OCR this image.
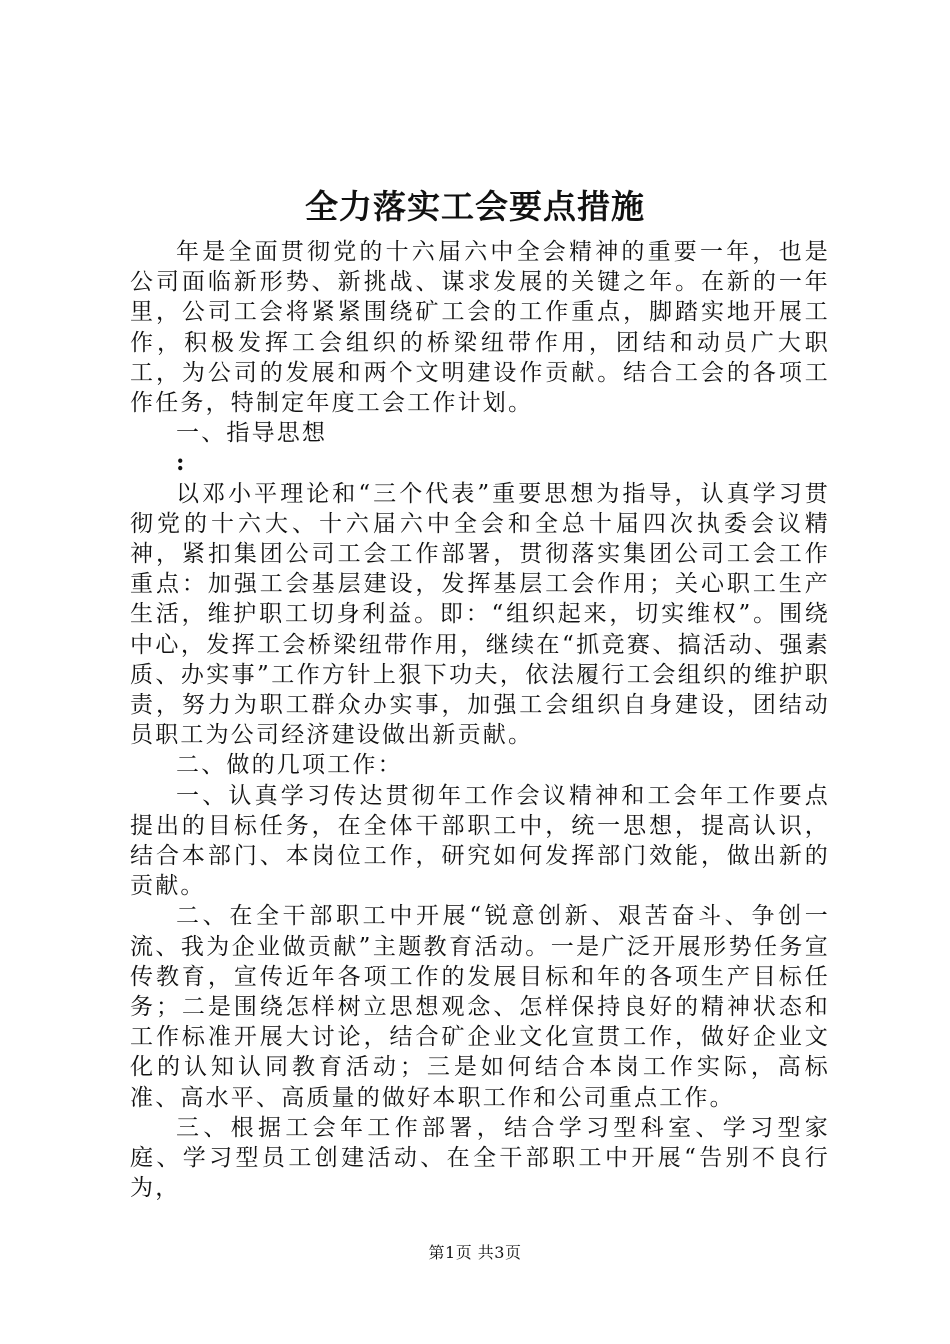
全力落实工会要点措施

年是全面贯彻党的十六届六中全会精神的重要一年，也是公司面临新形势、新挑战、谋求发展的关键之年。在新的一年里，公司工会将紧紧围绕矿工会的工作重点，脚踏实地开展工作，积极发挥工会组织的桥梁纽带作用，团结和动员广大职工，为公司的发展和两个文明建设作贡献。结合工会的各项工作任务，特制定年度工会工作计划。

一、指导思想

:

以邓小平理论和“三个代表”重要思想为指导，认真学习贯彻党的十六大、十六届六中全会和全总十届四次执委会议精神，紧扣集团公司工会工作部署，贯彻落实集团公司工会工作重点：加强工会基层建设，发挥基层工会作用；关心职工生产生活，维护职工切身利益。即：“组织起来，切实维权”。围绕中心，发挥工会桥梁纽带作用，继续在“抓竞赛、搞活动、强素质、办实事”工作方针上狠下功夫，依法履行工会组织的维护职责，努力为职工群众办实事，加强工会组织自身建设，团结动员职工为公司经济建设做出新贡献。

二、做的几项工作：

一、认真学习传达贯彻年工作会议精神和工会年工作要点提出的目标任务，在全体干部职工中，统一思想，提高认识，结合本部门、本岗位工作，研究如何发挥部门效能，做出新的贡献。

二、在全干部职工中开展“锐意创新、艰苦奋斗、争创一流、我为企业做贡献”主题教育活动。一是广泛开展形势任务宣传教育，宣传近年各项工作的发展目标和年的各项生产目标任务；二是围绕怎样树立思想观念、怎样保持良好的精神状态和工作标准开展大讨论，结合矿企业文化宣贯工作，做好企业文化的认知认同教育活动；三是如何结合本岗工作实际，高标准、高水平、高质量的做好本职工作和公司重点工作。

三、根据工会年工作部署，结合学习型科室、学习型家庭、学习型员工创建活动、在全干部职工中开展“告别不良行为，

第1页 共3页
